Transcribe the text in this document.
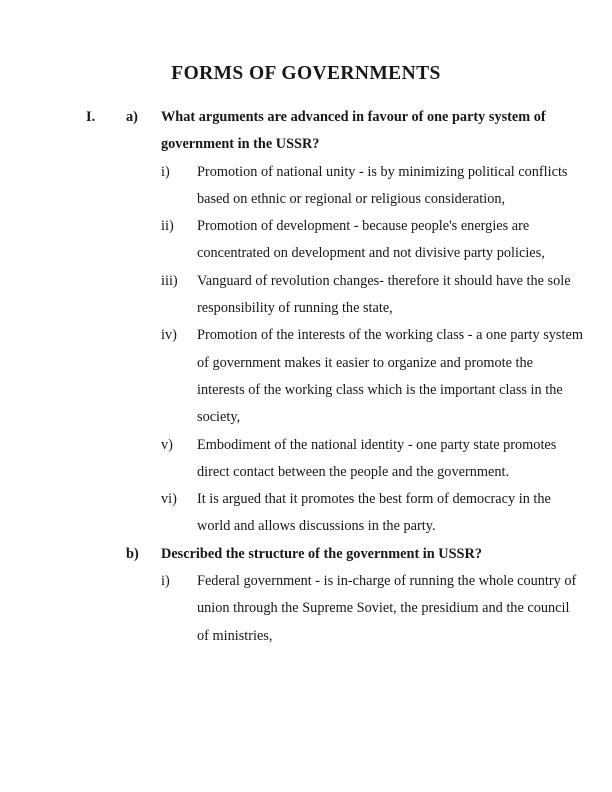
FORMS OF GOVERNMENTS
I. a) What arguments are advanced in favour of one party system of
government in the USSR?
i) Promotion of national unity - is by minimizing political conflicts
based on ethnic or regional or religious consideration,
ii) Promotion of development - because people's energies are
concentrated on development and not divisive party policies,
iii) Vanguard of revolution changes- therefore it should have the sole
responsibility of running the state,
iv) Promotion of the interests of the working class - a one party system
of government makes it easier to organize and promote the
interests of the working class which is the important class in the
society,
v) Embodiment of the national identity - one party state promotes
direct contact between the people and the government.
vi) It is argued that it promotes the best form of democracy in the
world and allows discussions in the party.
b) Described the structure of the government in USSR?
i) Federal government - is in-charge of running the whole country of
union through the Supreme Soviet, the presidium and the council
of ministries,
